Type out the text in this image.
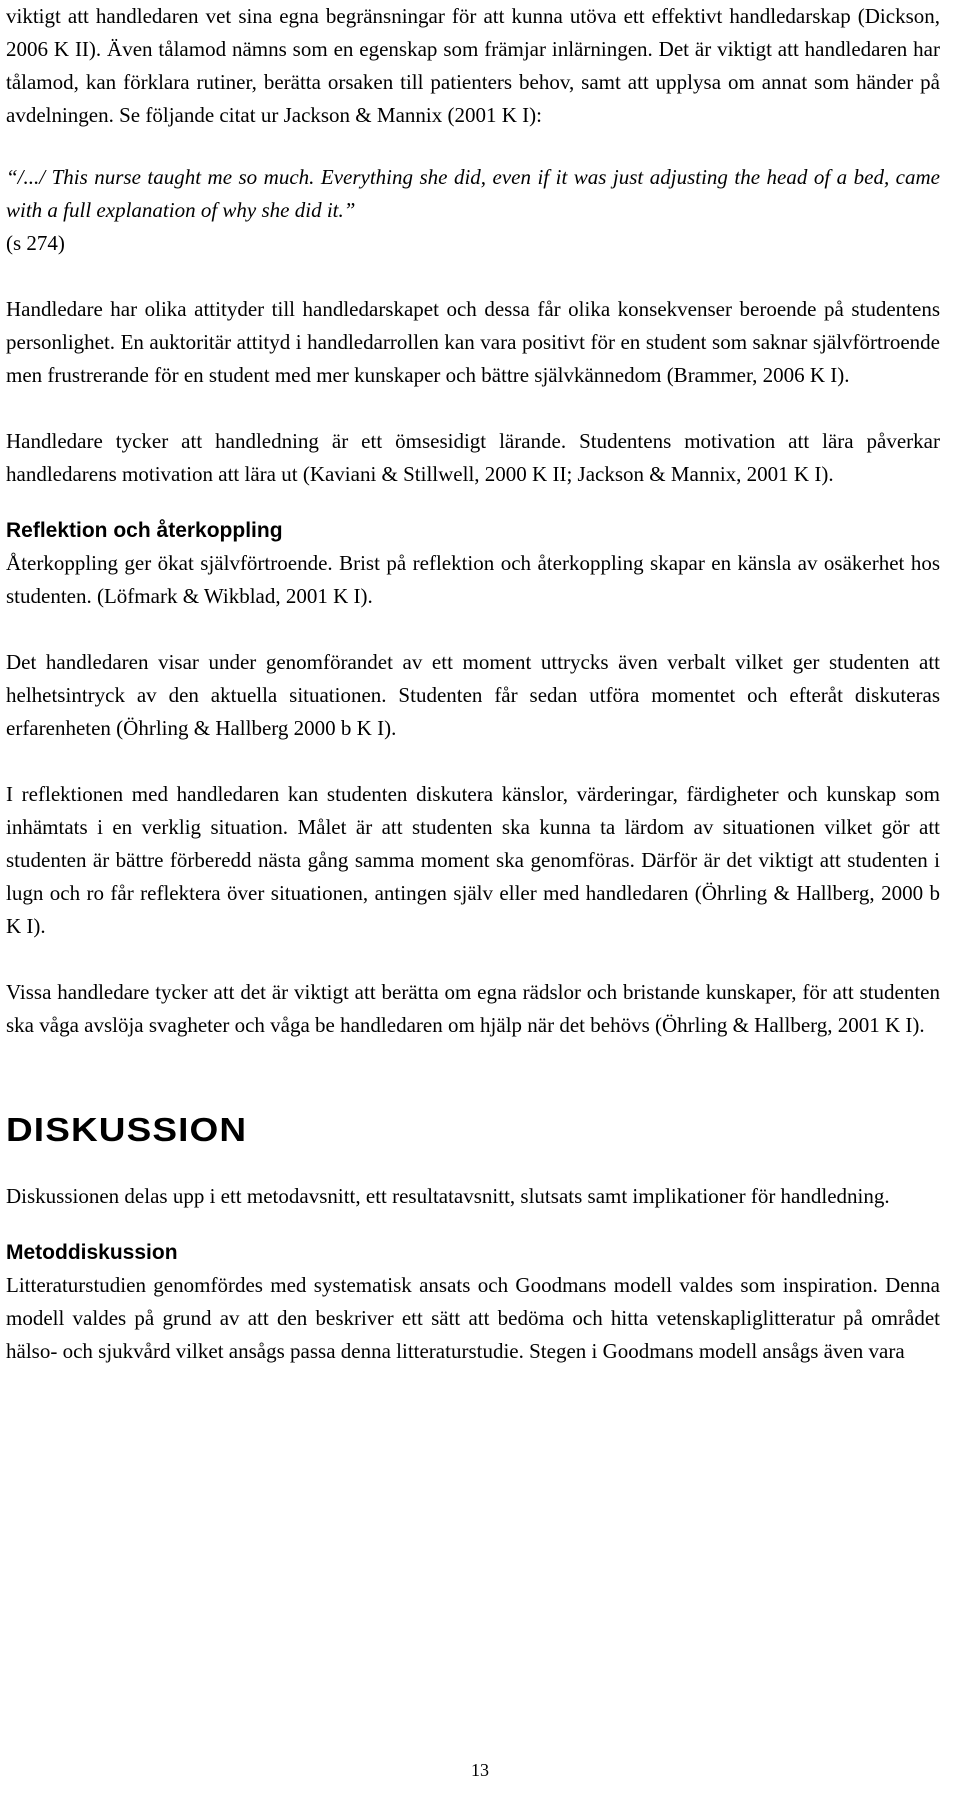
viktigt att handledaren vet sina egna begränsningar för att kunna utöva ett effektivt handledarskap (Dickson, 2006 K II). Även tålamod nämns som en egenskap som främjar inlärningen. Det är viktigt att handledaren har tålamod, kan förklara rutiner, berätta orsaken till patienters behov, samt att upplysa om annat som händer på avdelningen. Se följande citat ur Jackson & Mannix (2001 K I):

“/.../ This nurse taught me so much. Everything she did, even if it was just adjusting the head of a bed, came with a full explanation of why she did it.”

(s 274)

Handledare har olika attityder till handledarskapet och dessa får olika konsekvenser beroende på studentens personlighet. En auktoritär attityd i handledarrollen kan vara positivt för en student som saknar självförtroende men frustrerande för en student med mer kunskaper och bättre självkännedom (Brammer, 2006 K I).

Handledare tycker att handledning är ett ömsesidigt lärande. Studentens motivation att lära påverkar handledarens motivation att lära ut (Kaviani & Stillwell, 2000 K II; Jackson & Mannix, 2001 K I).

Reflektion och återkoppling

Återkoppling ger ökat självförtroende. Brist på reflektion och återkoppling skapar en känsla av osäkerhet hos studenten. (Löfmark & Wikblad, 2001 K I).

Det handledaren visar under genomförandet av ett moment uttrycks även verbalt vilket ger studenten att helhetsintryck av den aktuella situationen. Studenten får sedan utföra momentet och efteråt diskuteras erfarenheten (Öhrling & Hallberg 2000 b K I).

I reflektionen med handledaren kan studenten diskutera känslor, värderingar, färdigheter och kunskap som inhämtats i en verklig situation. Målet är att studenten ska kunna ta lärdom av situationen vilket gör att studenten är bättre förberedd nästa gång samma moment ska genomföras. Därför är det viktigt att studenten i lugn och ro får reflektera över situationen, antingen själv eller med handledaren (Öhrling & Hallberg, 2000 b K I).

Vissa handledare tycker att det är viktigt att berätta om egna rädslor och bristande kunskaper, för att studenten ska våga avslöja svagheter och våga be handledaren om hjälp när det behövs (Öhrling & Hallberg, 2001 K I).

DISKUSSION

Diskussionen delas upp i ett metodavsnitt, ett resultatavsnitt, slutsats samt implikationer för handledning.

Metoddiskussion

Litteraturstudien genomfördes med systematisk ansats och Goodmans modell valdes som inspiration. Denna modell valdes på grund av att den beskriver ett sätt att bedöma och hitta vetenskapliglitteratur på området hälso- och sjukvård vilket ansågs passa denna litteraturstudie. Stegen i Goodmans modell ansågs även vara

13
